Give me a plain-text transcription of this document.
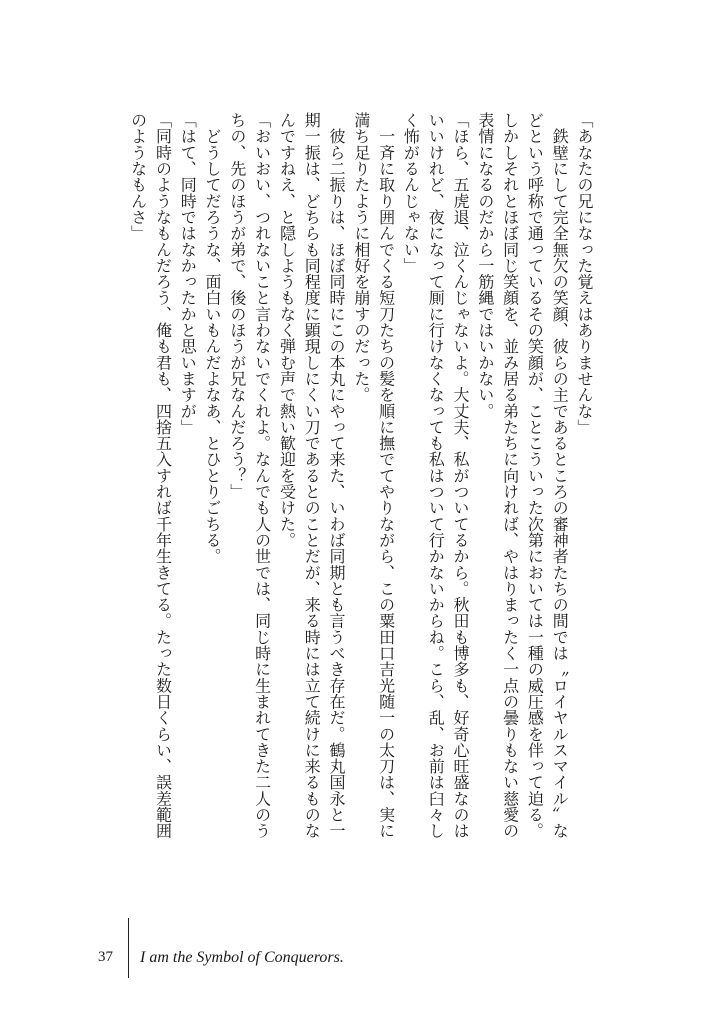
「あなたの兄になった覚えはありませんな」

　鉄壁にして完全無欠の笑顔、彼らの主であるところの審神者たちの間では〝ロイヤルスマイル〟な

どという呼称で通っているその笑顔が、ことこういった次第においては一種の威圧感を伴って迫る。

しかしそれとほぼ同じ笑顔を、並み居る弟たちに向ければ、やはりまったく一点の曇りもない慈愛の

表情になるのだから一筋縄ではいかない。

「ほら、五虎退、泣くんじゃないよ。大丈夫、私がついてるから。秋田も博多も、好奇心旺盛なのは

いいけれど、夜になって厠に行けなくなっても私はついて行かないからね。こら、乱、お前は臼々し

く怖がるんじゃない」

　一斉に取り囲んでくる短刀たちの髪を順に撫でてやりながら、この粟田口吉光随一の太刀は、実に

満ち足りたように相好を崩すのだった。

　彼ら二振りは、ほぼ同時にこの本丸にやって来た、いわば同期とも言うべき存在だ。鶴丸国永と一

期一振は、どちらも同程度に顕現しにくい刀であるとのことだが、来る時には立て続けに来るものな

んですねえ、と隠しようもなく弾む声で熱い歓迎を受けた。

「おいおい、つれないこと言わないでくれよ。なんでも人の世では、同じ時に生まれてきた二人のう

ちの、先のほうが弟で、後のほうが兄なんだろう？」

　どうしてだろうな、面白いもんだよなあ、とひとりごちる。

「はて、同時ではなかったかと思いますが」

「同時のようなもんだろう、俺も君も、四捨五入すれば千年生きてる。たった数日くらい、誤差範囲

のようなもんさ」

37 I am the Symbol of Conquerors.
